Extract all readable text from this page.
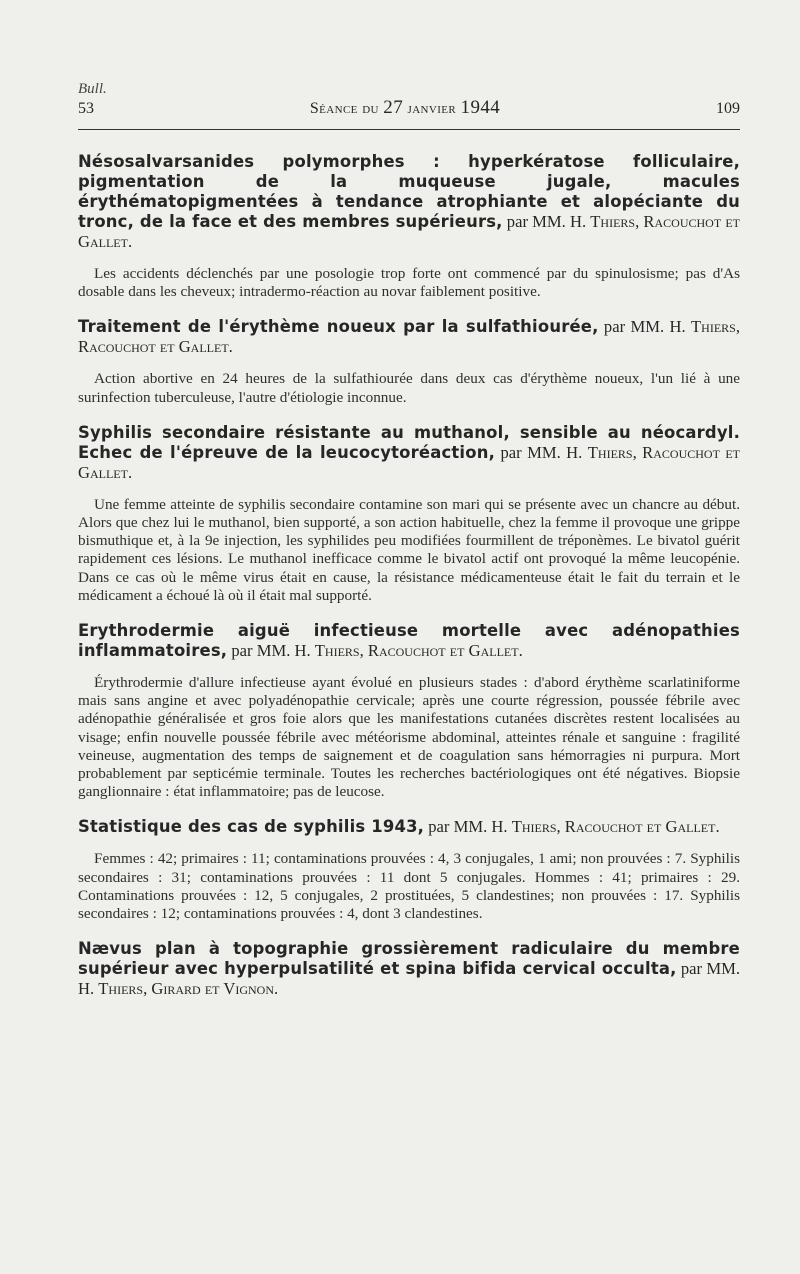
Bull.
53	Séance du 27 janvier 1944	109

Nésosalvarsanides polymorphes : hyperkératose folliculaire, pigmentation de la muqueuse jugale, macules érythématopigmentées à tendance atrophiante et alopéciante du tronc, de la face et des membres supérieurs, par MM. H. Thiers, Racouchot et Gallet.

Les accidents déclenchés par une posologie trop forte ont commencé par du spinulosisme; pas d'As dosable dans les cheveux; intradermo-réaction au novar faiblement positive.

Traitement de l'érythème noueux par la sulfathiourée, par MM. H. Thiers, Racouchot et Gallet.

Action abortive en 24 heures de la sulfathiourée dans deux cas d'érythème noueux, l'un lié à une surinfection tuberculeuse, l'autre d'étiologie inconnue.

Syphilis secondaire résistante au muthanol, sensible au néocardyl. Echec de l'épreuve de la leucocytoréaction, par MM. H. Thiers, Racouchot et Gallet.

Une femme atteinte de syphilis secondaire contamine son mari qui se présente avec un chancre au début. Alors que chez lui le muthanol, bien supporté, a son action habituelle, chez la femme il provoque une grippe bismuthique et, à la 9e injection, les syphilides peu modifiées fourmillent de tréponèmes. Le bivatol guérit rapidement ces lésions. Le muthanol inefficace comme le bivatol actif ont provoqué la même leucopénie. Dans ce cas où le même virus était en cause, la résistance médicamenteuse était le fait du terrain et le médicament a échoué là où il était mal supporté.

Erythrodermie aiguë infectieuse mortelle avec adénopathies inflammatoires, par MM. H. Thiers, Racouchot et Gallet.

Érythrodermie d'allure infectieuse ayant évolué en plusieurs stades : d'abord érythème scarlatiniforme mais sans angine et avec polyadénopathie cervicale; après une courte régression, poussée fébrile avec adénopathie généralisée et gros foie alors que les manifestations cutanées discrètes restent localisées au visage; enfin nouvelle poussée fébrile avec météorisme abdominal, atteintes rénale et sanguine : fragilité veineuse, augmentation des temps de saignement et de coagulation sans hémorragies ni purpura. Mort probablement par septicémie terminale. Toutes les recherches bactériologiques ont été négatives. Biopsie ganglionnaire : état inflammatoire; pas de leucose.

Statistique des cas de syphilis 1943, par MM. H. Thiers, Racouchot et Gallet.

Femmes : 42; primaires : 11; contaminations prouvées : 4, 3 conjugales, 1 ami; non prouvées : 7. Syphilis secondaires : 31; contaminations prouvées : 11 dont 5 conjugales. Hommes : 41; primaires : 29. Contaminations prouvées : 12, 5 conjugales, 2 prostituées, 5 clandestines; non prouvées : 17. Syphilis secondaires : 12; contaminations prouvées : 4, dont 3 clandestines.

Nævus plan à topographie grossièrement radiculaire du membre supérieur avec hyperpulsatilité et spina bifida cervical occulta, par MM. H. Thiers, Girard et Vignon.
